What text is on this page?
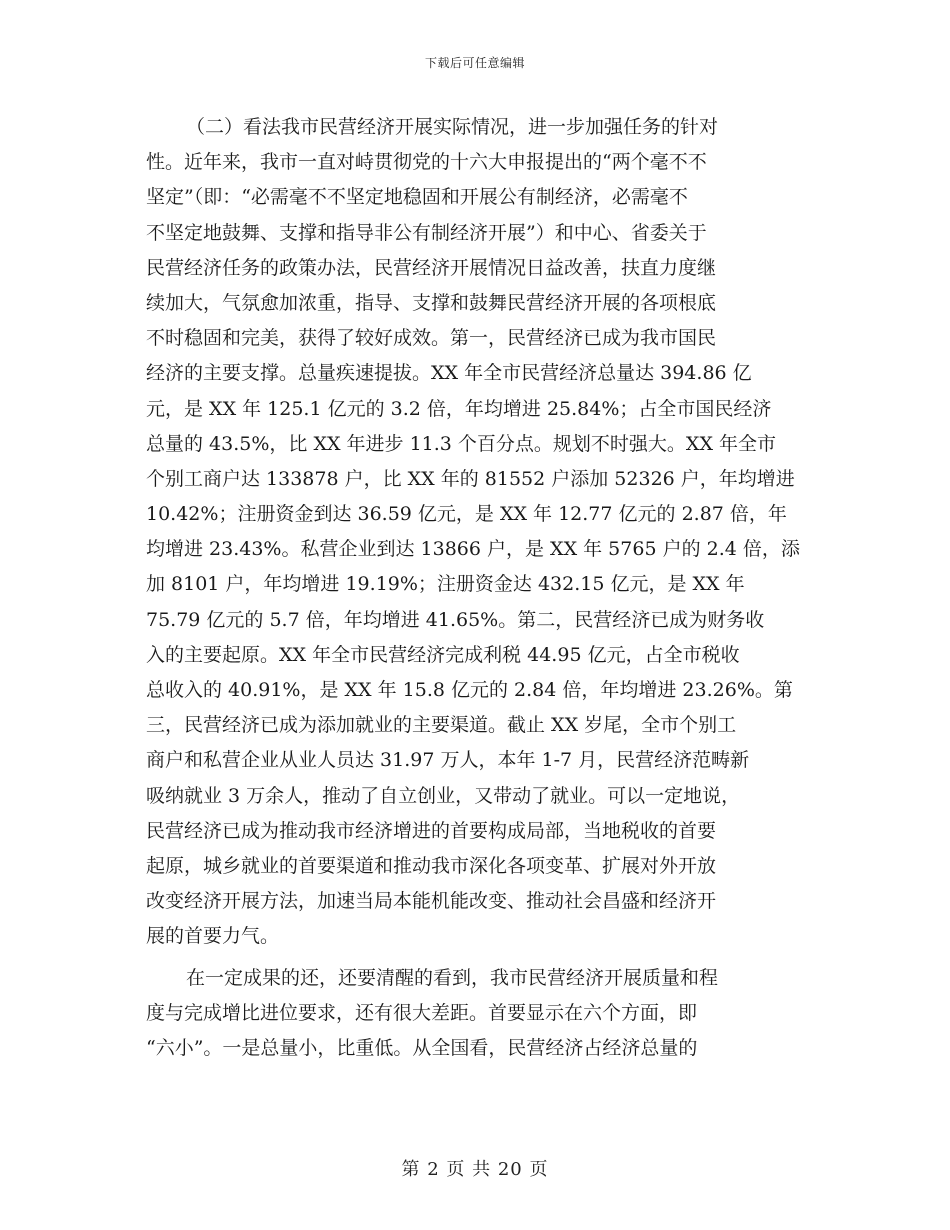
下载后可任意编辑
（二）看法我市民营经济开展实际情况，进一步加强任务的针对
性。近年来，我市一直对峙贯彻党的十六大申报提出的“两个毫不不
坚定”（即：“必需毫不不坚定地稳固和开展公有制经济，必需毫不
不坚定地鼓舞、支撑和指导非公有制经济开展”）和中心、省委关于
民营经济任务的政策办法，民营经济开展情况日益改善，扶直力度继
续加大，气氛愈加浓重，指导、支撑和鼓舞民营经济开展的各项根底
不时稳固和完美，获得了较好成效。第一，民营经济已成为我市国民
经济的主要支撑。总量疾速提拔。XX 年全市民营经济总量达 394.86 亿
元，是 XX 年 125.1 亿元的 3.2 倍，年均增进 25.84%；占全市国民经济
总量的 43.5%，比 XX 年进步 11.3 个百分点。规划不时强大。XX 年全市
个别工商户达 133878 户，比 XX 年的 81552 户添加 52326 户，年均增进
10.42%；注册资金到达 36.59 亿元，是 XX 年 12.77 亿元的 2.87 倍，年
均增进 23.43%。私营企业到达 13866 户，是 XX 年 5765 户的 2.4 倍，添
加 8101 户，年均增进 19.19%；注册资金达 432.15 亿元，是 XX 年
75.79 亿元的 5.7 倍，年均增进 41.65%。第二，民营经济已成为财务收
入的主要起原。XX 年全市民营经济完成利税 44.95 亿元，占全市税收
总收入的 40.91%，是 XX 年 15.8 亿元的 2.84 倍，年均增进 23.26%。第
三，民营经济已成为添加就业的主要渠道。截止 XX 岁尾，全市个别工
商户和私营企业从业人员达 31.97 万人，本年 1-7 月，民营经济范畴新
吸纳就业 3 万余人，推动了自立创业，又带动了就业。可以一定地说，
民营经济已成为推动我市经济增进的首要构成局部，当地税收的首要
起原，城乡就业的首要渠道和推动我市深化各项变革、扩展对外开放
改变经济开展方法，加速当局本能机能改变、推动社会昌盛和经济开
展的首要力气。
在一定成果的还，还要清醒的看到，我市民营经济开展质量和程
度与完成增比进位要求，还有很大差距。首要显示在六个方面，即
“六小”。一是总量小，比重低。从全国看，民营经济占经济总量的
第 2 页 共 20 页
